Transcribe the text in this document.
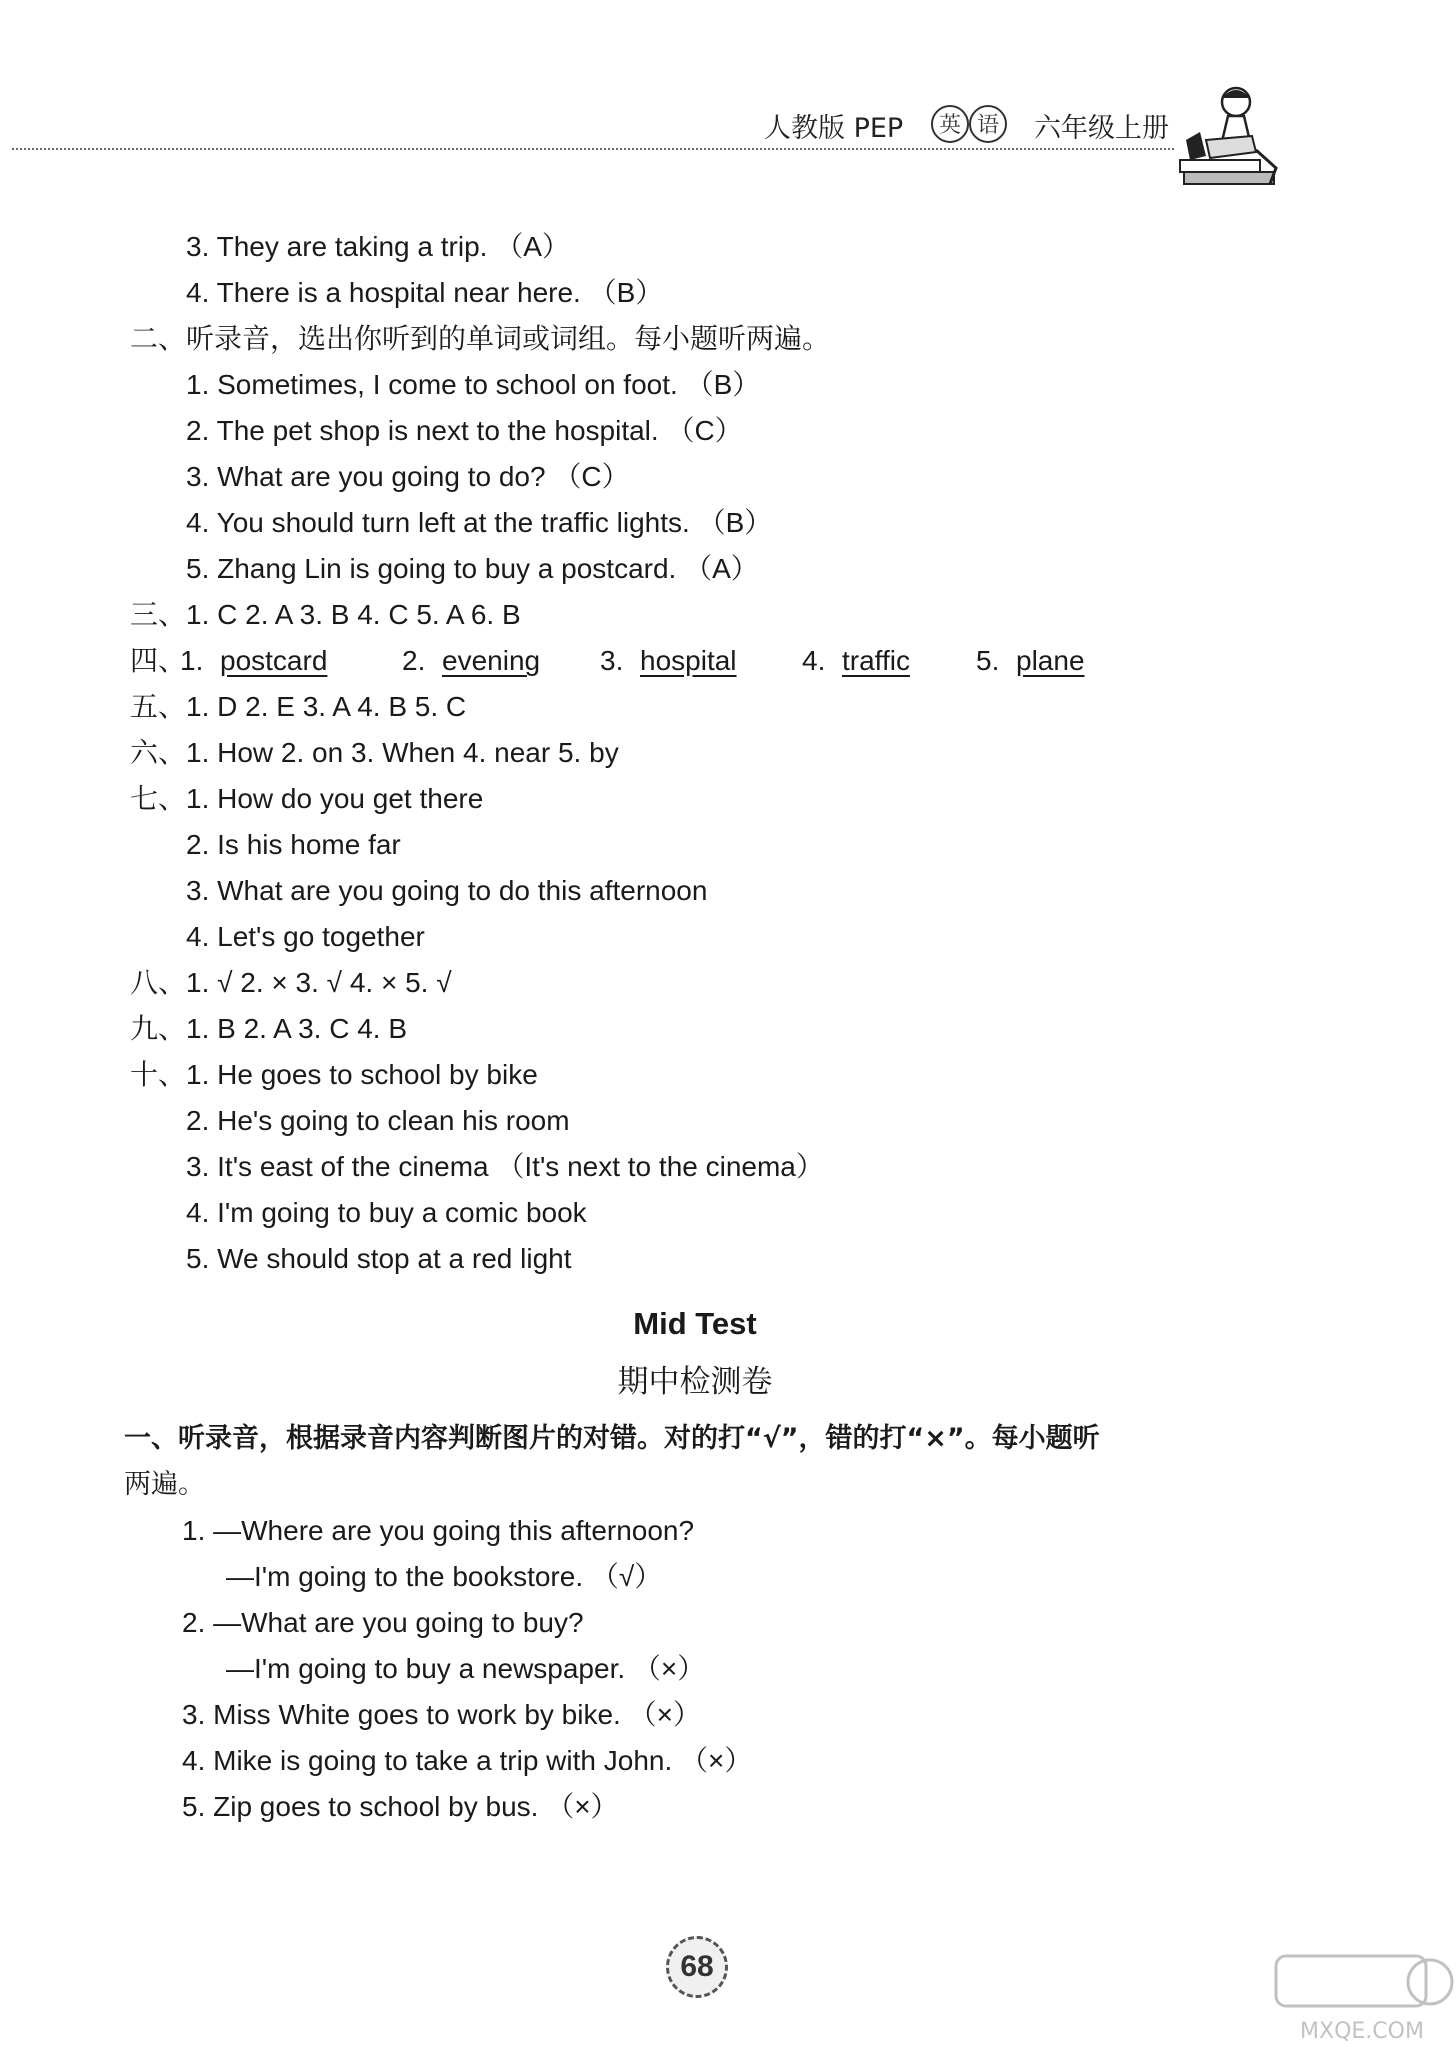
人教版 PEP 英 语 六年级上册
3. They are taking a trip. （A）
4. There is a hospital near here. （B）
二、听录音，选出你听到的单词或词组。每小题听两遍。
1. Sometimes, I come to school on foot. （B）
2. The pet shop is next to the hospital. （C）
3. What are you going to do? （C）
4. You should turn left at the traffic lights. （B）
5. Zhang Lin is going to buy a postcard. （A）
三、1. C 2. A 3. B 4. C 5. A 6. B
五、1. D 2. E 3. A 4. B 5. C
六、1. How 2. on 3. When 4. near 5. by
七、1. How do you get there
2. Is his home far
3. What are you going to do this afternoon
4. Let's go together
八、1. √ 2. × 3. √ 4. × 5. √
九、1. B 2. A 3. C 4. B
十、1. He goes to school by bike
2. He's going to clean his room
3. It's east of the cinema （It's next to the cinema）
4. I'm going to buy a comic book
5. We should stop at a red light
四、
1. postcard	2. evening 3. hospital 4. traffic 5. plane
Mid Test
期中检测卷
一、听录音，根据录音内容判断图片的对错。对的打“√”，错的打“×”。每小题听
两遍。
1. —Where are you going this afternoon?
—I'm going to the bookstore. （√）
2. —What are you going to buy?
—I'm going to buy a newspaper. （×）
3. Miss White goes to work by bike. （×）
4. Mike is going to take a trip with John. （×）
5. Zip goes to school by bus. （×）
68
MXQE.COM
